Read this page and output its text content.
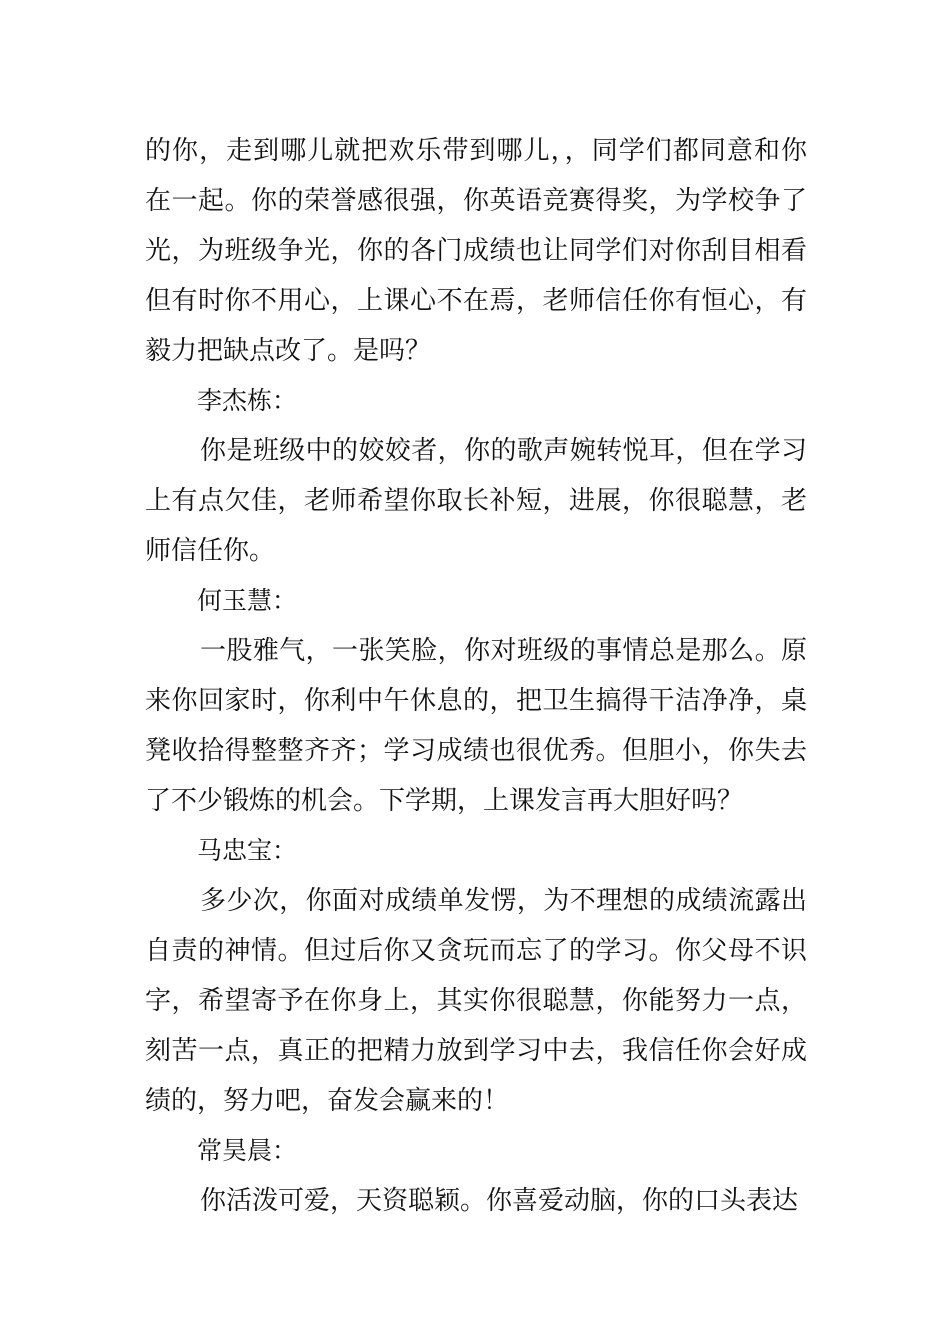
的你，走到哪儿就把欢乐带到哪儿，，同学们都同意和你在一起。你的荣誉感很强，你英语竞赛得奖，为学校争了光，为班级争光，你的各门成绩也让同学们对你刮目相看但有时你不用心，上课心不在焉，老师信任你有恒心，有毅力把缺点改了。是吗？

李杰栋：

你是班级中的姣姣者，你的歌声婉转悦耳，但在学习上有点欠佳，老师希望你取长补短，进展，你很聪慧，老师信任你。

何玉慧：

一股雅气，一张笑脸，你对班级的事情总是那么。原来你回家时，你利中午休息的，把卫生搞得干洁净净，桌凳收拾得整整齐齐；学习成绩也很优秀。但胆小，你失去了不少锻炼的机会。下学期，上课发言再大胆好吗？

马忠宝：

多少次，你面对成绩单发愣，为不理想的成绩流露出自责的神情。但过后你又贪玩而忘了的学习。你父母不识字，希望寄予在你身上，其实你很聪慧，你能努力一点，刻苦一点，真正的把精力放到学习中去，我信任你会好成绩的，努力吧，奋发会赢来的！

常昊晨：

你活泼可爱，天资聪颖。你喜爱动脑，你的口头表达
